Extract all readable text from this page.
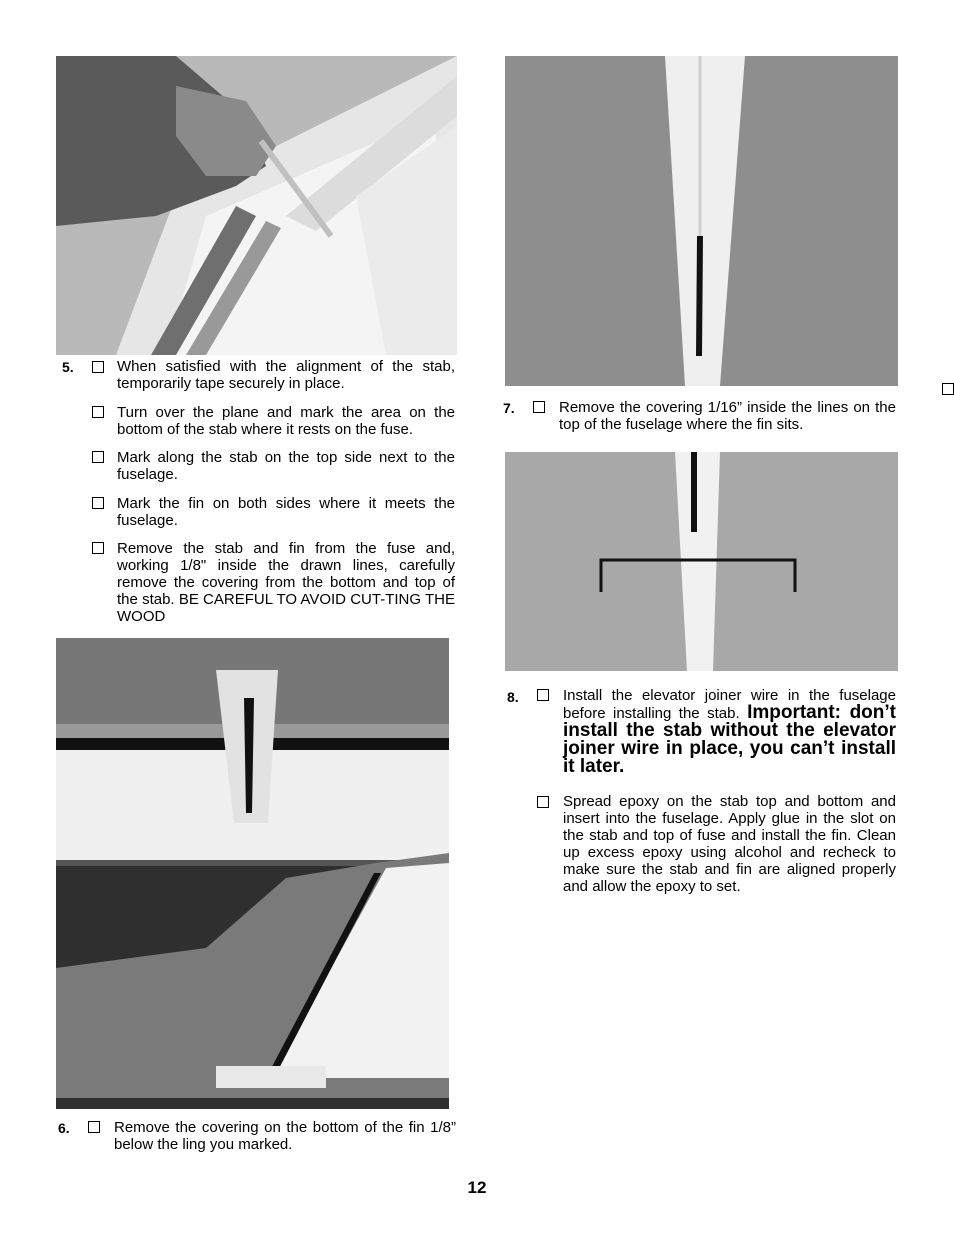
5.	When satisfied with the alignment of the stab, temporarily tape securely in place.
Turn over the plane and mark the area on the bottom of the stab where it rests on the fuse.
Mark along the stab on the top side next to the fuselage.
Mark the fin on both sides where it meets the fuselage.
Remove the stab and fin from the fuse and, working 1/8" inside the drawn lines, carefully remove the covering from the bottom and top of the stab. BE CAREFUL TO AVOID CUT-TING THE WOOD
6.	Remove the covering on the bottom of the fin 1/8” below the ling you marked.
7.	Remove the covering 1/16” inside the lines on the top of the fuselage where the fin sits.
8.	Install the elevator joiner wire in the fuselage before installing the stab. Important: don’t install the stab without the elevator joiner wire in place, you can’t install it later.
Spread epoxy on the stab top and bottom and insert into the fuselage. Apply glue in the slot on the stab and top of fuse and install the fin. Clean up excess epoxy using alcohol and recheck to make sure the stab and fin are aligned properly and allow the epoxy to set.
12
